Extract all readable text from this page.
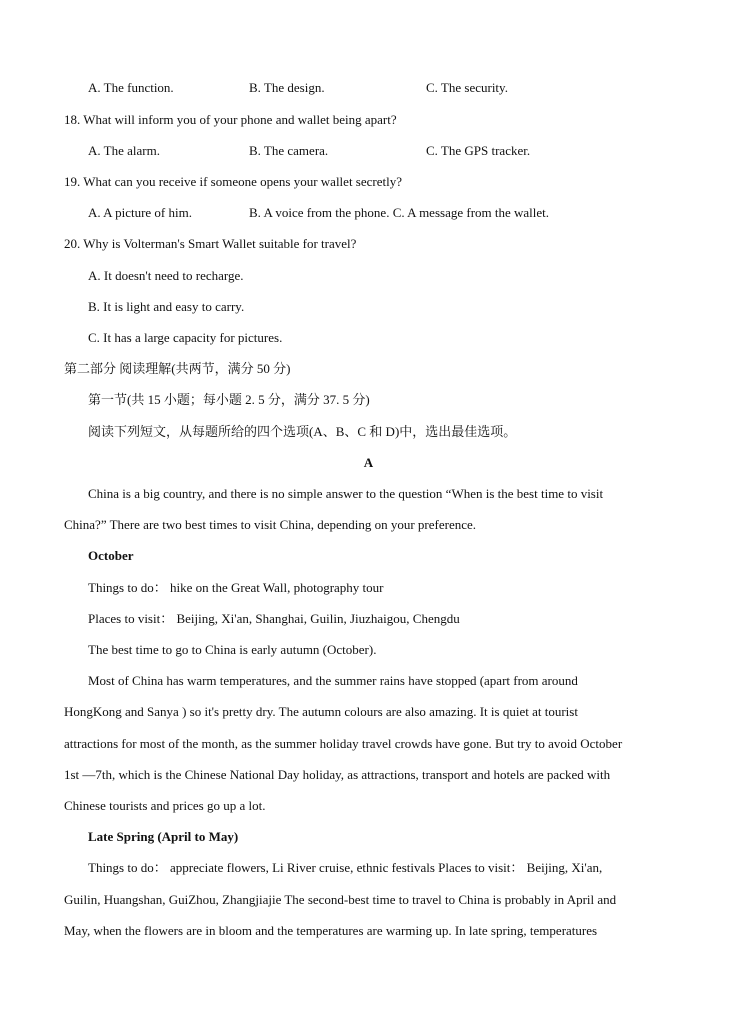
A. The function.	B. The design.	C. The security.
18. What will inform you of your phone and wallet being apart?
A. The alarm.	B. The camera.	C. The GPS tracker.
19. What can you receive if someone opens your wallet secretly?
A. A picture of him.	B. A voice from the phone. C. A message from the wallet.
20. Why is Volterman's Smart Wallet suitable for travel?
A. It doesn't need to recharge.
B. It is light and easy to carry.
C. It has a large capacity for pictures.
第二部分 阅读理解(共两节，满分 50 分)
第一节(共 15 小题；每小题 2. 5 分，满分 37. 5 分)
阅读下列短文，从每题所给的四个选项(A、B、C 和 D)中，选出最佳选项。
A
China is a big country, and there is no simple answer to the question “When is the best time to visit
China?” There are two best times to visit China, depending on your preference.
October
Things to do： hike on the Great Wall, photography tour
Places to visit： Beijing, Xi'an, Shanghai, Guilin, Jiuzhaigou, Chengdu
The best time to go to China is early autumn (October).
Most of China has warm temperatures, and the summer rains have stopped (apart from around
HongKong and Sanya ) so it's pretty dry. The autumn colours are also amazing. It is quiet at tourist
attractions for most of the month, as the summer holiday travel crowds have gone. But try to avoid October
1st —7th, which is the Chinese National Day holiday, as attractions, transport and hotels are packed with
Chinese tourists and prices go up a lot.
Late Spring (April to May)
Things to do： appreciate flowers, Li River cruise, ethnic festivals Places to visit： Beijing, Xi'an,
Guilin, Huangshan, GuiZhou, Zhangjiajie The second-best time to travel to China is probably in April and
May, when the flowers are in bloom and the temperatures are warming up. In late spring, temperatures
